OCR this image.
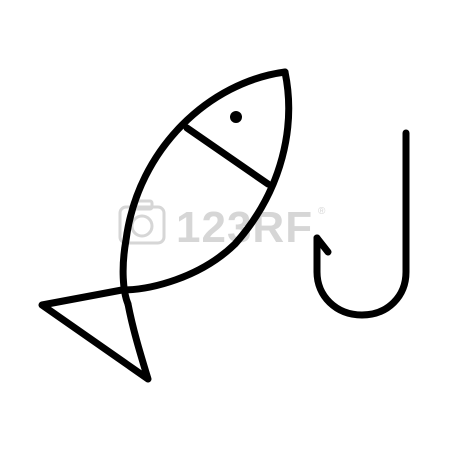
123RF ®
